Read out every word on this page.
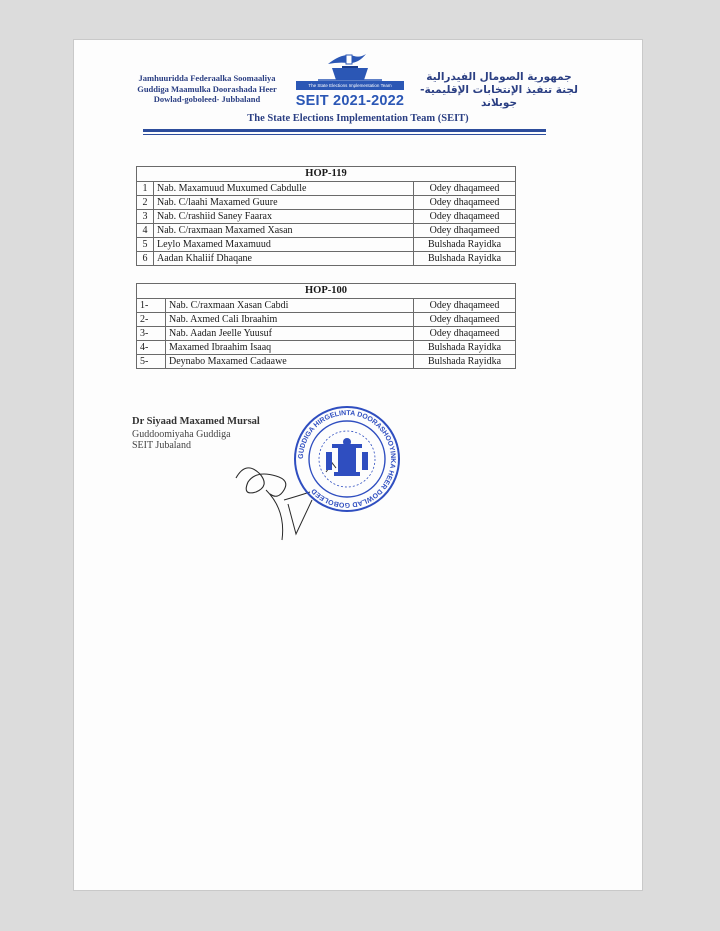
Jamhuuridda Federaalka Soomaaliya
Guddiga Maamulka Doorashada Heer
Dowlad-goboleed- Jubbaland
The State Elections Implementation Team
SEIT 2021-2022
جمهورية الصومال الفيدرالية
لجنة تنفيذ الإنتخابات الإقليمية- جوبلاند
The State Elections Implementation Team (SEIT)
HOP-119		
1	Nab. Maxamuud Muxumed Cabdulle	Odey dhaqameed
2	Nab. C/laahi Maxamed Guure	Odey dhaqameed
3	Nab. C/rashiid Saney Faarax	Odey dhaqameed
4	Nab. C/raxmaan Maxamed Xasan	Odey dhaqameed
5	Leylo Maxamed Maxamuud	Bulshada Rayidka
6	Aadan Khaliif Dhaqane	Bulshada Rayidka
HOP-100		
1-	Nab. C/raxmaan Xasan Cabdi	Odey dhaqameed
2-	Nab. Axmed Cali Ibraahim	Odey dhaqameed
3-	Nab. Aadan Jeelle Yuusuf	Odey dhaqameed
4-	Maxamed Ibraahim Isaaq	Bulshada Rayidka
5-	Deynabo Maxamed Cadaawe	Bulshada Rayidka
Dr Siyaad Maxamed Mursal
Guddoomiyaha Guddiga
SEIT Jubaland
GUDDIGA HIRGELINTA DOORASHOOYINKA HEER DOWLAD GOBOLEED
